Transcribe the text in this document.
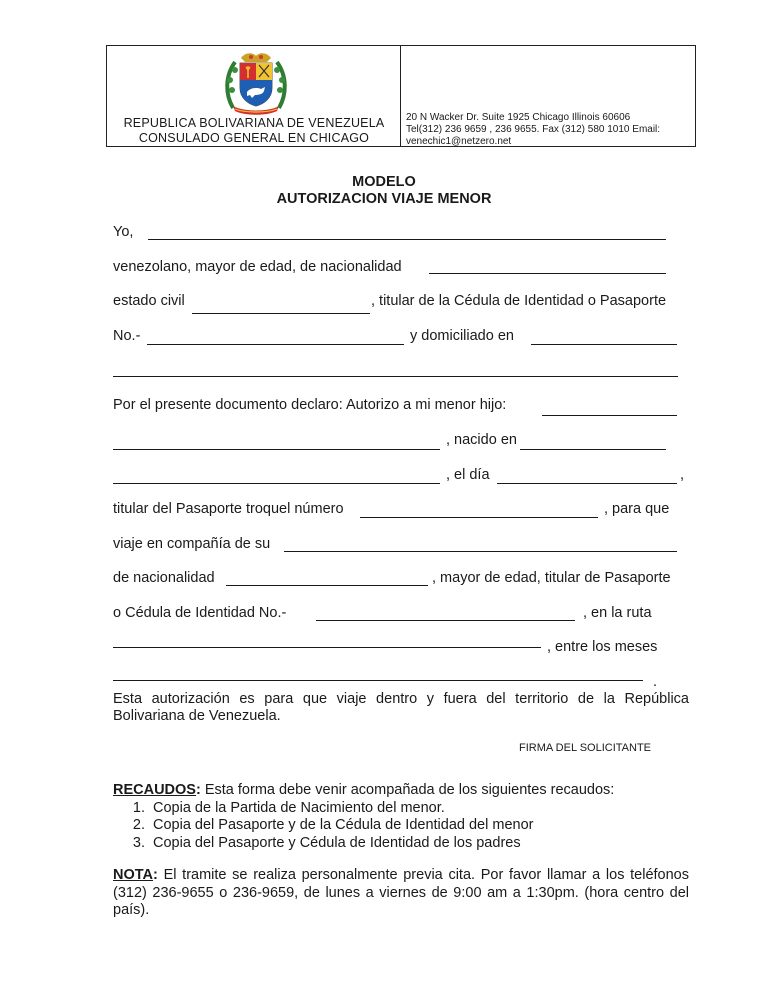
REPUBLICA BOLIVARIANA DE VENEZUELA
CONSULADO GENERAL EN CHICAGO
20 N Wacker Dr. Suite 1925 Chicago Illinois 60606
Tel(312) 236 9659 , 236 9655. Fax (312) 580 1010 Email:
venechic1@netzero.net
MODELO
AUTORIZACION VIAJE MENOR
Yo,
venezolano, mayor de edad, de nacionalidad
estado civil	, titular de la Cédula de Identidad o Pasaporte
No.-	y domiciliado en
Por el presente documento declaro: Autorizo a mi menor hijo:
, nacido en
, el día	,
titular del Pasaporte troquel número	, para que
viaje en compañía de su
de nacionalidad	, mayor de edad, titular de Pasaporte
o Cédula de Identidad No.-	, en la ruta
, entre los meses
.
Esta autorización es para que viaje dentro y fuera del territorio de la República Bolivariana de Venezuela.
FIRMA DEL SOLICITANTE
RECAUDOS: Esta forma debe venir acompañada de los siguientes recaudos:
1. Copia de la Partida de Nacimiento del menor.
2. Copia del Pasaporte y de la Cédula de Identidad del menor
3. Copia del Pasaporte y Cédula de Identidad de los padres
NOTA: El tramite se realiza personalmente previa cita. Por favor llamar a los teléfonos (312) 236-9655 o 236-9659, de lunes a viernes de 9:00 am a 1:30pm. (hora centro del país).
